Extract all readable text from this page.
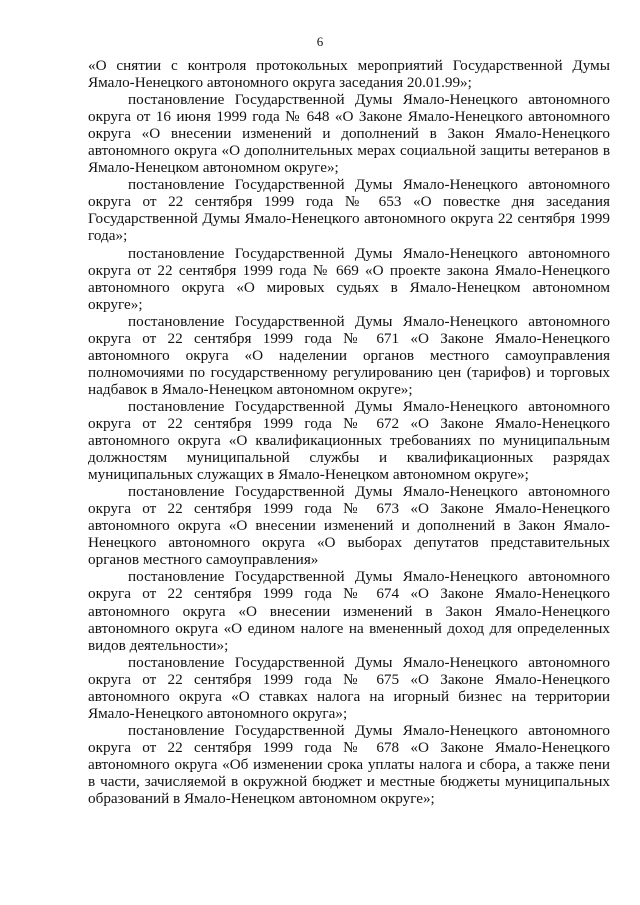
6

«О снятии с контроля протокольных мероприятий Государственной Думы Ямало-Ненецкого автономного округа заседания 20.01.99»;

постановление Государственной Думы Ямало-Ненецкого автономного округа от 16 июня 1999 года № 648 «О Законе Ямало-Ненецкого автономного округа «О внесении изменений и дополнений в Закон Ямало-Ненецкого автономного округа «О дополнительных мерах социальной защиты ветеранов в Ямало-Ненецком автономном округе»;

постановление Государственной Думы Ямало-Ненецкого автономного округа от 22 сентября 1999 года № 653 «О повестке дня заседания Государственной Думы Ямало-Ненецкого автономного округа 22 сентября 1999 года»;

постановление Государственной Думы Ямало-Ненецкого автономного округа от 22 сентября 1999 года № 669 «О проекте закона Ямало-Ненецкого автономного округа «О мировых судьях в Ямало-Ненецком автономном округе»;

постановление Государственной Думы Ямало-Ненецкого автономного округа от 22 сентября 1999 года № 671 «О Законе Ямало-Ненецкого автономного округа «О наделении органов местного самоуправления полномочиями по государственному регулированию цен (тарифов) и торговых надбавок в Ямало-Ненецком автономном округе»;

постановление Государственной Думы Ямало-Ненецкого автономного округа от 22 сентября 1999 года № 672 «О Законе Ямало-Ненецкого автономного округа «О квалификационных требованиях по муниципальным должностям муниципальной службы и квалификационных разрядах муниципальных служащих в Ямало-Ненецком автономном округе»;

постановление Государственной Думы Ямало-Ненецкого автономного округа от 22 сентября 1999 года № 673 «О Законе Ямало-Ненецкого автономного округа «О внесении изменений и дополнений в Закон Ямало-Ненецкого автономного округа «О выборах депутатов представительных органов местного самоуправления»

постановление Государственной Думы Ямало-Ненецкого автономного округа от 22 сентября 1999 года № 674 «О Законе Ямало-Ненецкого автономного округа «О внесении изменений в Закон Ямало-Ненецкого автономного округа «О едином налоге на вмененный доход для определенных видов деятельности»;

постановление Государственной Думы Ямало-Ненецкого автономного округа от 22 сентября 1999 года № 675 «О Законе Ямало-Ненецкого автономного округа «О ставках налога на игорный бизнес на территории Ямало-Ненецкого автономного округа»;

постановление Государственной Думы Ямало-Ненецкого автономного округа от 22 сентября 1999 года № 678 «О Законе Ямало-Ненецкого автономного округа «Об изменении срока уплаты налога и сбора, а также пени в части, зачисляемой в окружной бюджет и местные бюджеты муниципальных образований в Ямало-Ненецком автономном округе»;
